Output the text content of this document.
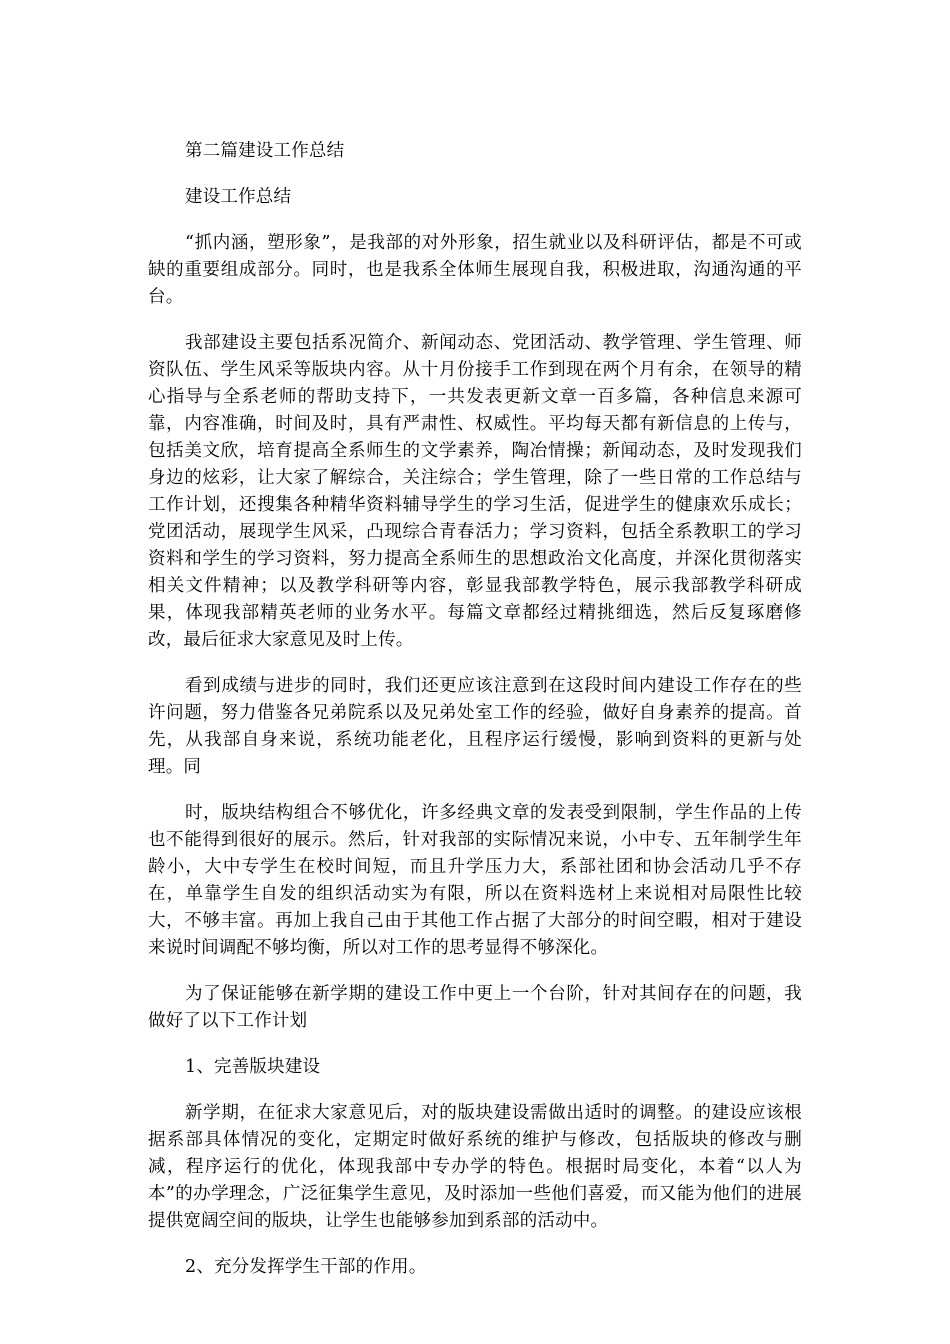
第二篇建设工作总结

建设工作总结

“抓内涵，塑形象”，是我部的对外形象，招生就业以及科研评估，都是不可或缺的重要组成部分。同时，也是我系全体师生展现自我，积极进取，沟通沟通的平台。

我部建设主要包括系况简介、新闻动态、党团活动、教学管理、学生管理、师资队伍、学生风采等版块内容。从十月份接手工作到现在两个月有余，在领导的精心指导与全系老师的帮助支持下，一共发表更新文章一百多篇，各种信息来源可靠，内容准确，时间及时，具有严肃性、权威性。平均每天都有新信息的上传与，包括美文欣，培育提高全系师生的文学素养，陶冶情操；新闻动态，及时发现我们身边的炫彩，让大家了解综合，关注综合；学生管理，除了一些日常的工作总结与工作计划，还搜集各种精华资料辅导学生的学习生活，促进学生的健康欢乐成长；党团活动，展现学生风采，凸现综合青春活力；学习资料，包括全系教职工的学习资料和学生的学习资料，努力提高全系师生的思想政治文化高度，并深化贯彻落实相关文件精神；以及教学科研等内容，彰显我部教学特色，展示我部教学科研成果，体现我部精英老师的业务水平。每篇文章都经过精挑细选，然后反复琢磨修改，最后征求大家意见及时上传。

看到成绩与进步的同时，我们还更应该注意到在这段时间内建设工作存在的些许问题，努力借鉴各兄弟院系以及兄弟处室工作的经验，做好自身素养的提高。首先，从我部自身来说，系统功能老化，且程序运行缓慢，影响到资料的更新与处理。同

时，版块结构组合不够优化，许多经典文章的发表受到限制，学生作品的上传也不能得到很好的展示。然后，针对我部的实际情况来说，小中专、五年制学生年龄小，大中专学生在校时间短，而且升学压力大，系部社团和协会活动几乎不存在，单靠学生自发的组织活动实为有限，所以在资料选材上来说相对局限性比较大，不够丰富。再加上我自己由于其他工作占据了大部分的时间空暇，相对于建设来说时间调配不够均衡，所以对工作的思考显得不够深化。

为了保证能够在新学期的建设工作中更上一个台阶，针对其间存在的问题，我做好了以下工作计划

1、完善版块建设

新学期，在征求大家意见后，对的版块建设需做出适时的调整。的建设应该根据系部具体情况的变化，定期定时做好系统的维护与修改，包括版块的修改与删减，程序运行的优化，体现我部中专办学的特色。根据时局变化，本着“以人为本”的办学理念，广泛征集学生意见，及时添加一些他们喜爱，而又能为他们的进展提供宽阔空间的版块，让学生也能够参加到系部的活动中。

2、充分发挥学生干部的作用。
